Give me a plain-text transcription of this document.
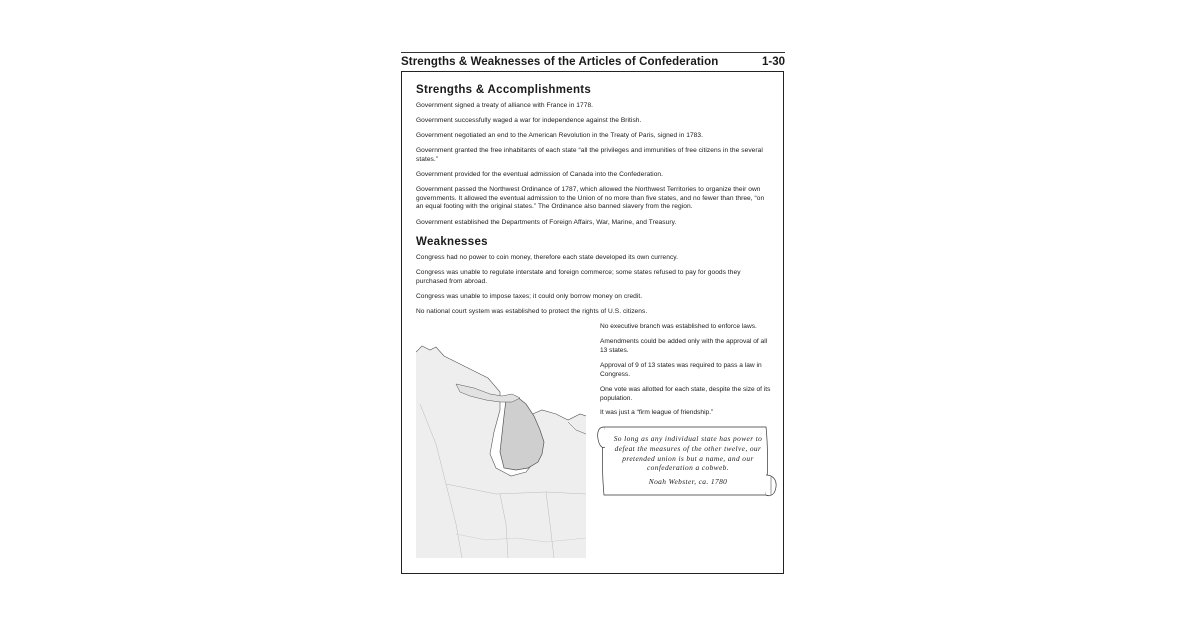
Strengths & Weaknesses of the Articles of Confederation	1-30
Strengths & Accomplishments
Government signed a treaty of alliance with France in 1778.
Government successfully waged a war for independence against the British.
Government negotiated an end to the American Revolution in the Treaty of Paris, signed in 1783.
Government granted the free inhabitants of each state “all the privileges and immunities of free citizens in the several states.”
Government provided for the eventual admission of Canada into the Confederation.
Government passed the Northwest Ordinance of 1787, which allowed the Northwest Territories to organize their own governments. It allowed the eventual admission to the Union of no more than five states, and no fewer than three, “on an equal footing with the original states.” The Ordinance also banned slavery from the region.
Government established the Departments of Foreign Affairs, War, Marine, and Treasury.
Weaknesses
Congress had no power to coin money, therefore each state developed its own currency.
Congress was unable to regulate interstate and foreign commerce; some states refused to pay for goods they purchased from abroad.
Congress was unable to impose taxes; it could only borrow money on credit.
No national court system was established to protect the rights of U.S. citizens.
No executive branch was established to enforce laws.
Amendments could be added only with the approval of all 13 states.
Approval of 9 of 13 states was required to pass a law in Congress.
One vote was allotted for each state, despite the size of its population.
It was just a “firm league of friendship.”
So long as any individual state has power to defeat the measures of the other twelve, our pretended union is but a name, and our confederation a cobweb.
Noah Webster, ca. 1780
